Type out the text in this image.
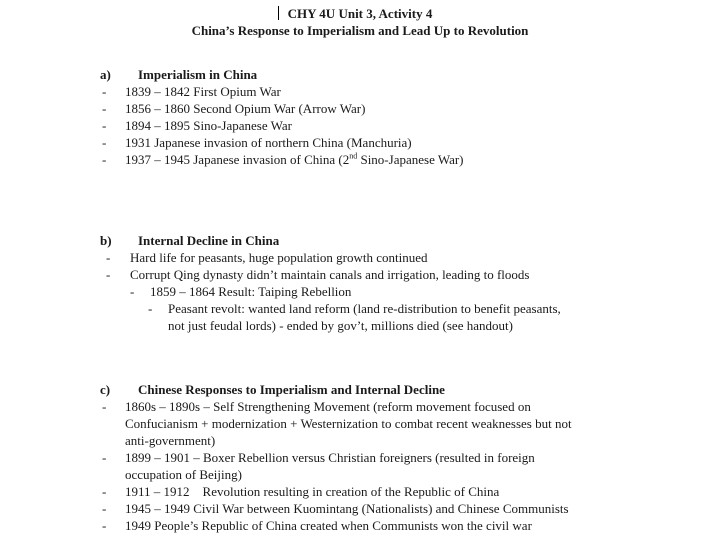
CHY 4U Unit 3, Activity 4
China’s Response to Imperialism and Lead Up to Revolution
a) Imperialism in China
- 1839 – 1842 First Opium War
- 1856 – 1860 Second Opium War (Arrow War)
- 1894 – 1895 Sino-Japanese War
- 1931 Japanese invasion of northern China (Manchuria)
- 1937 – 1945 Japanese invasion of China (2nd Sino-Japanese War)
b) Internal Decline in China
- Hard life for peasants, huge population growth continued
- Corrupt Qing dynasty didn’t maintain canals and irrigation, leading to floods
- 1859 – 1864 Result: Taiping Rebellion
- Peasant revolt: wanted land reform (land re-distribution to benefit peasants,
not just feudal lords) - ended by gov’t, millions died (see handout)
c) Chinese Responses to Imperialism and Internal Decline
- 1860s – 1890s – Self Strengthening Movement (reform movement focused on
Confucianism + modernization + Westernization to combat recent weaknesses but not
anti-government)
- 1899 – 1901 – Boxer Rebellion versus Christian foreigners (resulted in foreign
occupation of Beijing)
- 1911 – 1912    Revolution resulting in creation of the Republic of China
- 1945 – 1949 Civil War between Kuomintang (Nationalists) and Chinese Communists
- 1949 People’s Republic of China created when Communists won the civil war
